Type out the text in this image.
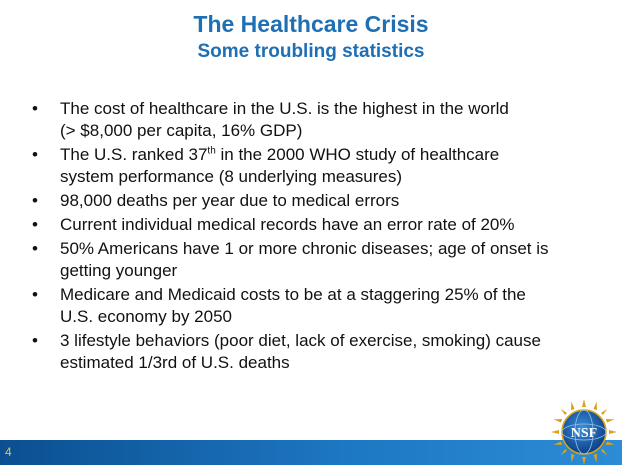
The Healthcare Crisis
Some troubling statistics
•	The cost of healthcare in the U.S. is the highest in the world
(> $8,000 per capita, 16% GDP)
•	The U.S. ranked 37th in the 2000 WHO study of healthcare
system performance (8 underlying measures)
•	98,000 deaths per year due to medical errors
•	Current individual medical records have an error rate of 20%
•	50% Americans have 1 or more chronic diseases; age of onset is
getting younger
•	Medicare and Medicaid costs to be at a staggering 25% of the
U.S. economy by 2050
•	3 lifestyle behaviors (poor diet, lack of exercise, smoking) cause
estimated 1/3rd of U.S. deaths
4
NSF
